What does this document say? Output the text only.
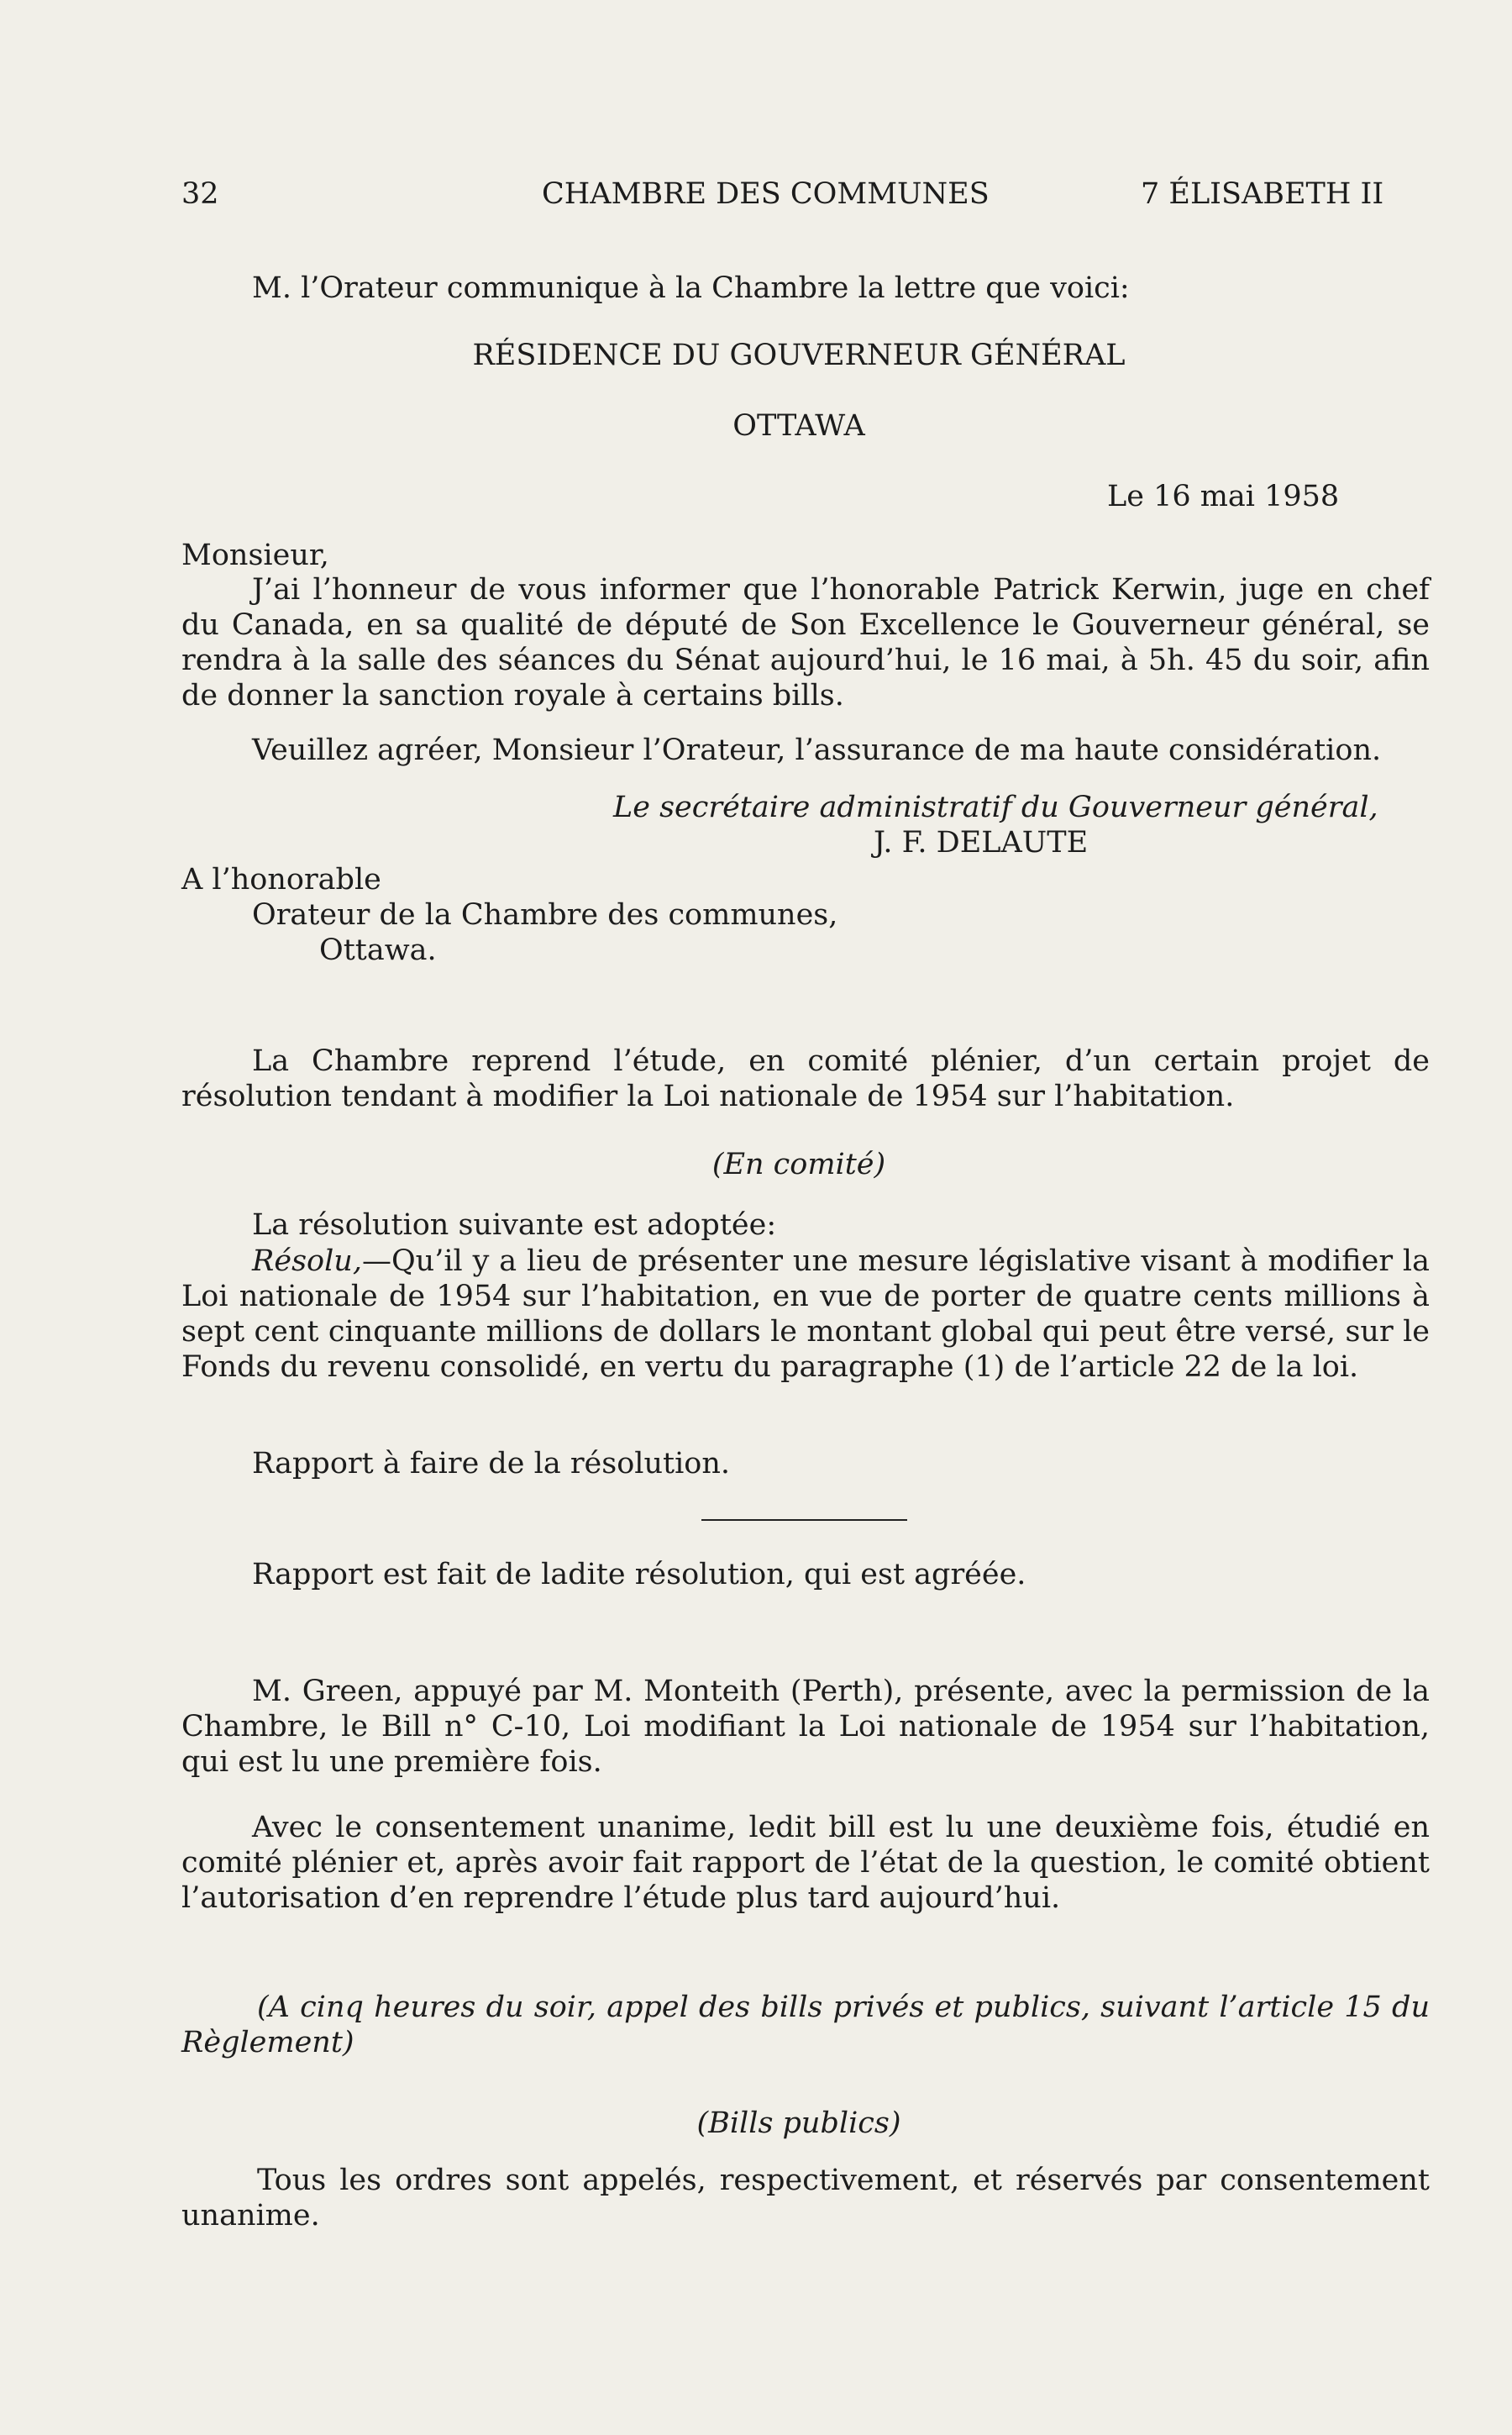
32	CHAMBRE DES COMMUNES	7 ÉLISABETH II

M. l’Orateur communique à la Chambre la lettre que voici:

RÉSIDENCE DU GOUVERNEUR GÉNÉRAL

OTTAWA

Le 16 mai 1958

Monsieur,

J’ai l’honneur de vous informer que l’honorable Patrick Kerwin, juge en chef du Canada, en sa qualité de député de Son Excellence le Gouverneur général, se rendra à la salle des séances du Sénat aujourd’hui, le 16 mai, à 5h. 45 du soir, afin de donner la sanction royale à certains bills.

Veuillez agréer, Monsieur l’Orateur, l’assurance de ma haute considération.

Le secrétaire administratif du Gouverneur général,

J. F. DELAUTE

A l’honorable

Orateur de la Chambre des communes,

Ottawa.

La Chambre reprend l’étude, en comité plénier, d’un certain projet de résolution tendant à modifier la Loi nationale de 1954 sur l’habitation.

(En comité)

La résolution suivante est adoptée:

Résolu,—Qu’il y a lieu de présenter une mesure législative visant à modifier la Loi nationale de 1954 sur l’habitation, en vue de porter de quatre cents millions à sept cent cinquante millions de dollars le montant global qui peut être versé, sur le Fonds du revenu consolidé, en vertu du paragraphe (1) de l’article 22 de la loi.

Rapport à faire de la résolution.

Rapport est fait de ladite résolution, qui est agréée.

M. Green, appuyé par M. Monteith (Perth), présente, avec la permission de la Chambre, le Bill n° C-10, Loi modifiant la Loi nationale de 1954 sur l’habitation, qui est lu une première fois.

Avec le consentement unanime, ledit bill est lu une deuxième fois, étudié en comité plénier et, après avoir fait rapport de l’état de la question, le comité obtient l’autorisation d’en reprendre l’étude plus tard aujourd’hui.

(A cinq heures du soir, appel des bills privés et publics, suivant l’article 15 du Règlement)

(Bills publics)

Tous les ordres sont appelés, respectivement, et réservés par consentement unanime.
